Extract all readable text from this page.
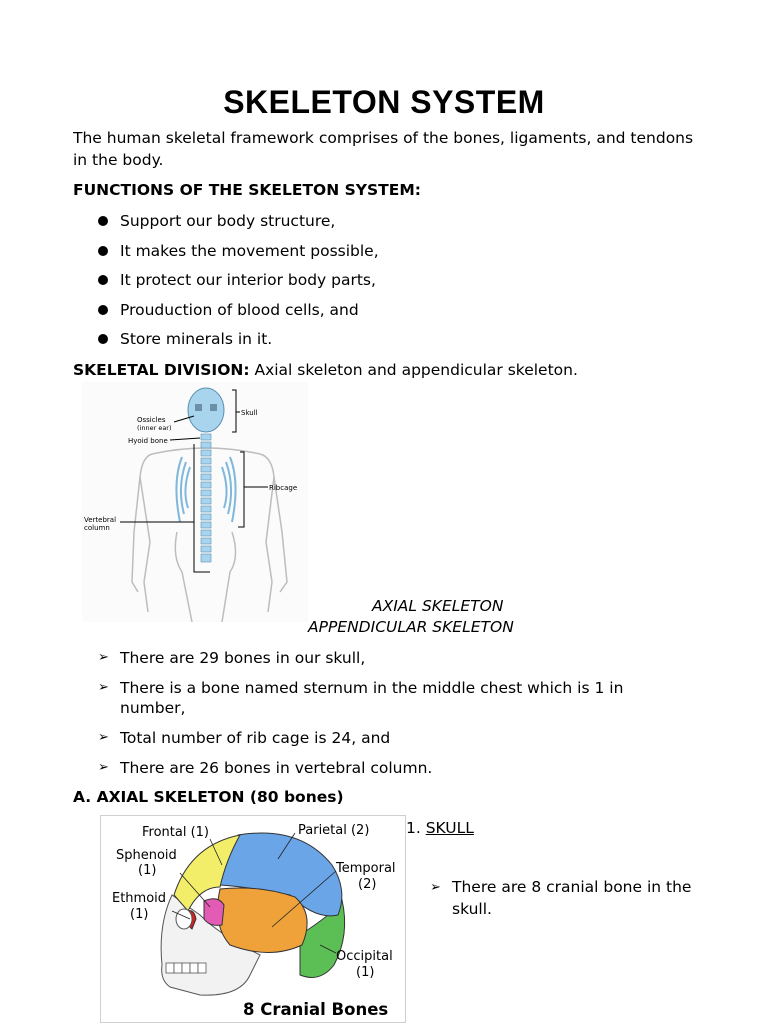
SKELETON SYSTEM
The human skeletal framework comprises of the bones, ligaments, and tendons in the body.
FUNCTIONS OF THE SKELETON SYSTEM:
Support our body structure,
It makes the movement possible,
It protect our interior body parts,
Prouduction of blood cells, and
Store minerals in it.
SKELETAL DIVISION: Axial skeleton and appendicular skeleton.
Skull
Ossicles
(inner ear)
Hyoid bone
Ribcage
Vertebral
column
AXIAL SKELETON
APPENDICULAR SKELETON
➢ There are 29 bones in our skull,
➢ There is a bone named sternum in the middle chest which is 1 in number,
➢ Total number of rib cage is 24, and
➢ There are 26 bones in vertebral column.
A. AXIAL SKELETON (80 bones)
Frontal (1)	Parietal (2)
Sphenoid
(1)	Temporal
(2)
Ethmoid
(1)
Occipital
(1)
8 Cranial Bones
1. SKULL
➢ There are 8 cranial bone in the skull.
